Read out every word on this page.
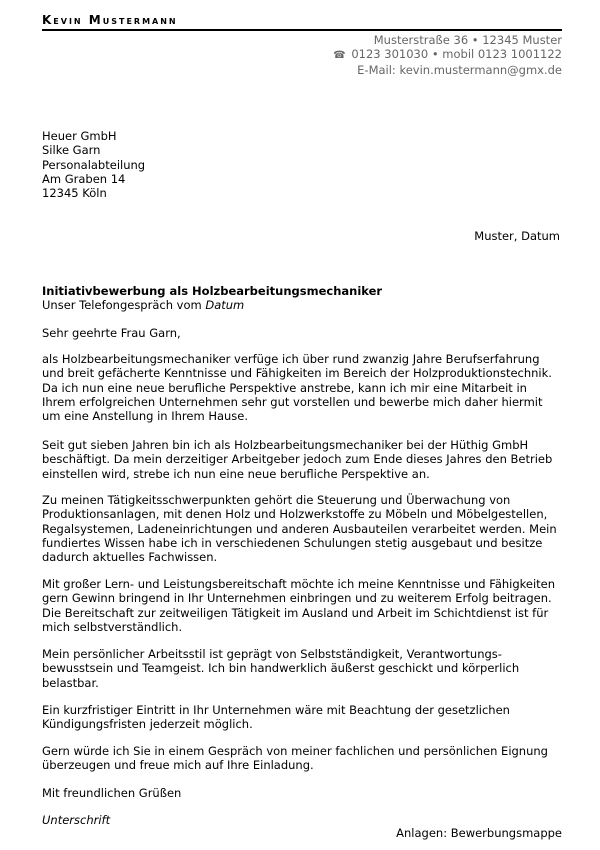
Kevin Mustermann
Musterstraße 36 • 12345 Muster
☎ 0123 301030 • mobil 0123 1001122
E-Mail: kevin.mustermann@gmx.de
Heuer GmbH
Silke Garn
Personalabteilung
Am Graben 14
12345 Köln
Muster, Datum
Initiativbewerbung als Holzbearbeitungsmechaniker
Unser Telefongespräch vom Datum
Sehr geehrte Frau Garn,
als Holzbearbeitungsmechaniker verfüge ich über rund zwanzig Jahre Berufserfahrung
und breit gefächerte Kenntnisse und Fähigkeiten im Bereich der Holzproduktionstechnik.
Da ich nun eine neue berufliche Perspektive anstrebe, kann ich mir eine Mitarbeit in
Ihrem erfolgreichen Unternehmen sehr gut vorstellen und bewerbe mich daher hiermit
um eine Anstellung in Ihrem Hause.
Seit gut sieben Jahren bin ich als Holzbearbeitungsmechaniker bei der Hüthig GmbH
beschäftigt. Da mein derzeitiger Arbeitgeber jedoch zum Ende dieses Jahres den Betrieb
einstellen wird, strebe ich nun eine neue berufliche Perspektive an.
Zu meinen Tätigkeitsschwerpunkten gehört die Steuerung und Überwachung von
Produktionsanlagen, mit denen Holz und Holzwerkstoffe zu Möbeln und Möbelgestellen,
Regalsystemen, Ladeneinrichtungen und anderen Ausbauteilen verarbeitet werden. Mein
fundiertes Wissen habe ich in verschiedenen Schulungen stetig ausgebaut und besitze
dadurch aktuelles Fachwissen.
Mit großer Lern- und Leistungsbereitschaft möchte ich meine Kenntnisse und Fähigkeiten
gern Gewinn bringend in Ihr Unternehmen einbringen und zu weiterem Erfolg beitragen.
Die Bereitschaft zur zeitweiligen Tätigkeit im Ausland und Arbeit im Schichtdienst ist für
mich selbstverständlich.
Mein persönlicher Arbeitsstil ist geprägt von Selbstständigkeit, Verantwortungs-
bewusstsein und Teamgeist. Ich bin handwerklich äußerst geschickt und körperlich
belastbar.
Ein kurzfristiger Eintritt in Ihr Unternehmen wäre mit Beachtung der gesetzlichen
Kündigungsfristen jederzeit möglich.
Gern würde ich Sie in einem Gespräch von meiner fachlichen und persönlichen Eignung
überzeugen und freue mich auf Ihre Einladung.
Mit freundlichen Grüßen
Unterschrift
Anlagen: Bewerbungsmappe
